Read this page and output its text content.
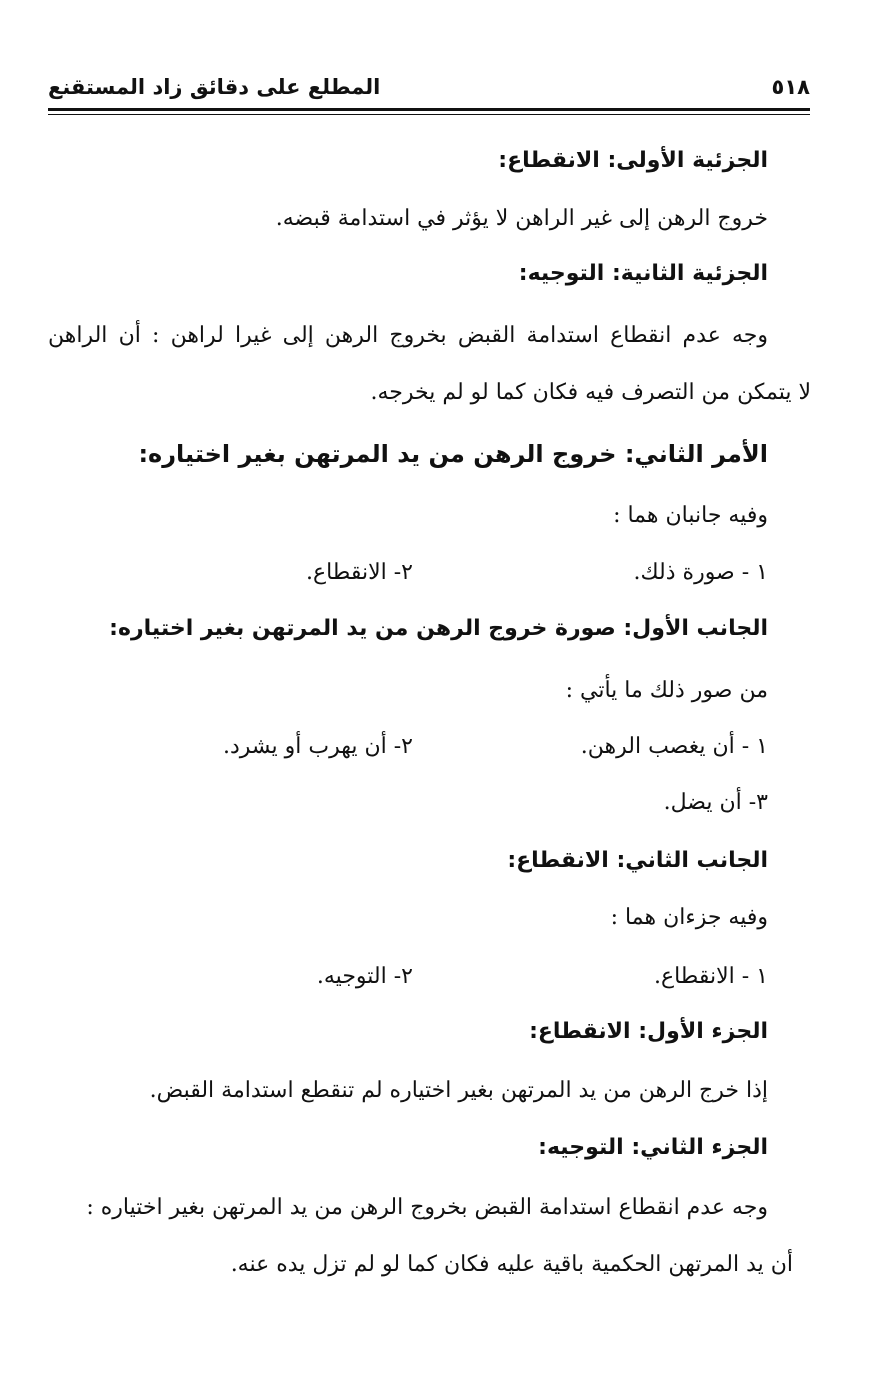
٥١٨
المطلع على دقائق زاد المستقنع
الجزئية الأولى: الانقطاع:
خروج الرهن إلى غير الراهن لا يؤثر في استدامة قبضه.
الجزئية الثانية: التوجيه:
وجه عدم انقطاع استدامة القبض بخروج الرهن إلى غيرا لراهن : أن الراهن
لا يتمكن من التصرف فيه فكان كما لو لم يخرجه.
الأمر الثاني: خروج الرهن من يد المرتهن بغير اختياره:
وفيه جانبان هما :
١ - صورة ذلك.
٢- الانقطاع.
الجانب الأول: صورة خروج الرهن من يد المرتهن بغير اختياره:
من صور ذلك ما يأتي :
١ - أن يغصب الرهن.
٢- أن يهرب أو يشرد.
٣- أن يضل.
الجانب الثاني: الانقطاع:
وفيه جزءان هما :
١ - الانقطاع.
٢- التوجيه.
الجزء الأول: الانقطاع:
إذا خرج الرهن من يد المرتهن بغير اختياره لم تنقطع استدامة القبض.
الجزء الثاني: التوجيه:
وجه عدم انقطاع استدامة القبض بخروج الرهن من يد المرتهن بغير اختياره :
أن يد المرتهن الحكمية باقية عليه فكان كما لو لم تزل يده عنه.
